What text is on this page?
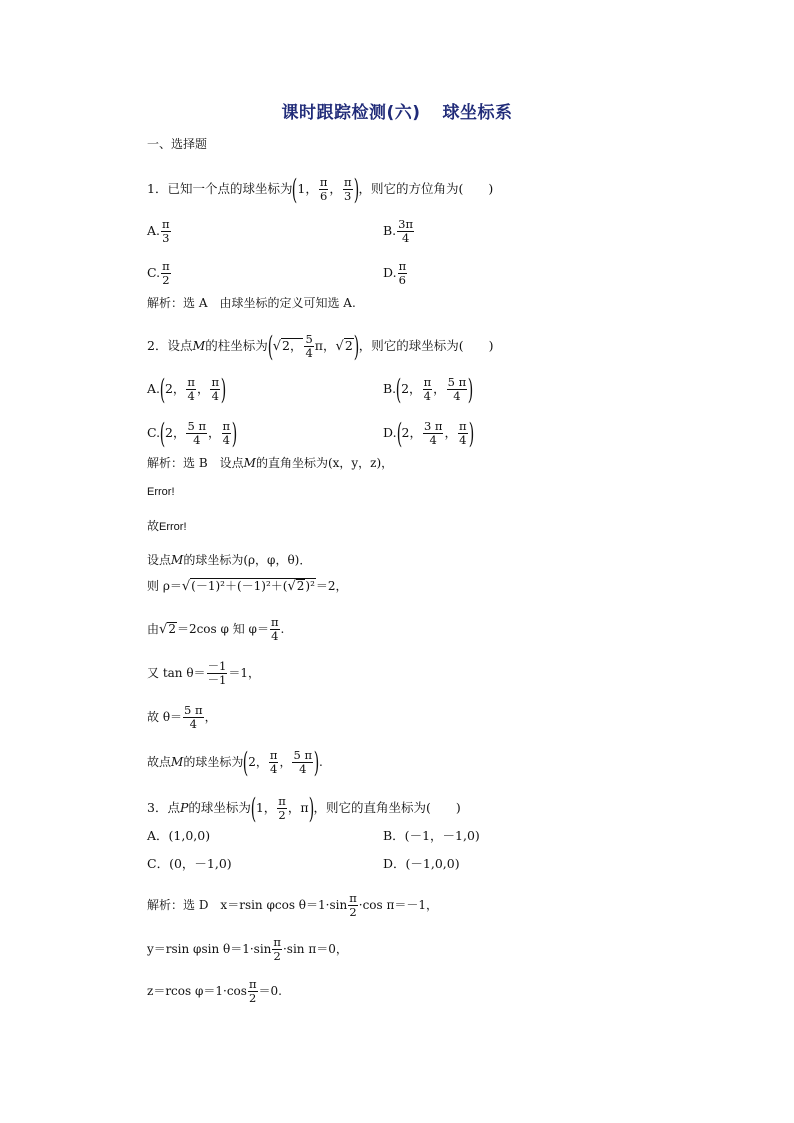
课时跟踪检测(六) 球坐标系
一、选择题
1．已知一个点的球坐标为(1， $\frac{\pi}{6}$ ， $\frac{\pi}{3}$ )，则它的方位角为(　　)
A. $\frac{\pi}{3}$	B. $\frac{3\pi}{4}$
C. $\frac{\pi}{2}$	D. $\frac{\pi}{6}$
解析：选 A　由球坐标的定义可知选 A.
2．设点M的柱坐标为(√2， $\frac{5}{4}$ π，√2)，则它的球坐标为(　　)
A.(2， $\frac{\pi}{4}$ ， $\frac{\pi}{4}$ )	B.(2， $\frac{\pi}{4}$ ， $\frac{5 \pi}{4}$ )
C.(2， $\frac{5 \pi}{4}$ ， $\frac{\pi}{4}$ )	D.(2， $\frac{3 \pi}{4}$ ， $\frac{\pi}{4}$ )
解析：选 B　设点M的直角坐标为(x，y，z)，
Error!
故Error!
设点M的球坐标为(ρ，φ，θ)．
则 ρ＝√(－1)²＋(－1)²＋(√2)²＝2，
由√2＝2cos φ 知 $\varphi= \frac{\pi}{4}$ .
又 $\tan \theta= \frac{-1}{-1} =1$，
故 $\theta= \frac{5 \pi}{4}$ ，
故点M的球坐标为(2， $\frac{\pi}{4}$ ， $\frac{5 \pi}{4}$ ).
3．点P的球坐标为(1， $\frac{\pi}{2}$ ，π)，则它的直角坐标为(　　)
A．(1,0,0)	B．(－1，－1,0)
C．(0，－1,0)	D．(－1,0,0)
解析：选 D　x＝rsin φcos $\theta=1\cdot\sin \frac{\pi}{2} \cdot\cos$ π＝－1，
y＝rsin φsin $\theta=1\cdot\sin \frac{\pi}{2} \cdot\sin$ π＝0，
z＝rcos $\varphi=1\cdot\cos \frac{\pi}{2} =0$.
